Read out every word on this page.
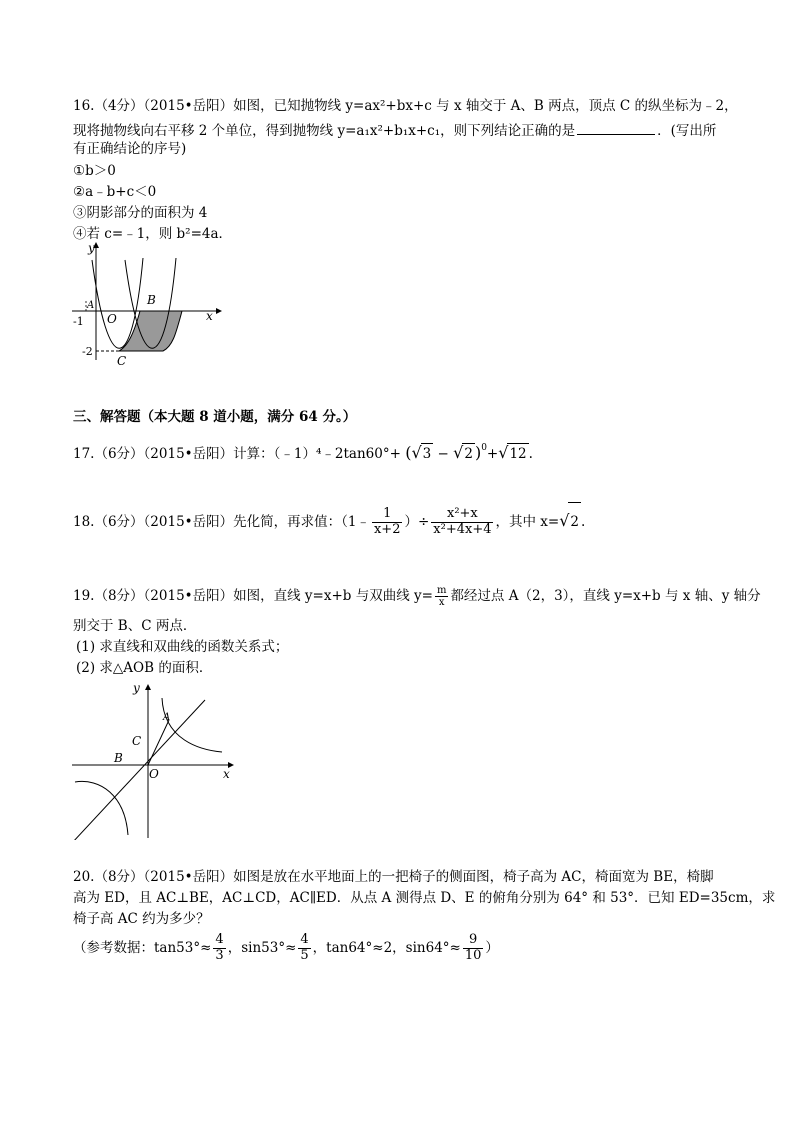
16.（4分）（2015•岳阳）如图，已知抛物线 y=ax²+bx+c 与 x 轴交于 A、B 两点，顶点 C 的纵坐标为﹣2，
现将抛物线向右平移 2 个单位，得到抛物线 y=a₁x²+b₁x+c₁，则下列结论正确的是	．(写出所
有正确结论的序号)
①b＞0
②a﹣b+c＜0
③阴影部分的面积为 4
④若 c=﹣1，则 b²=4a．
y
x
A
-1 O
B
-2
C
三、解答题（本大题 8 道小题，满分 64 分。）
17.（6分）（2015•岳阳）计算：（﹣1）⁴﹣2tan60°+ (√3 − √2 )$^0$+√12 .
18.（6分）（2015•岳阳）先化简，再求值：（1﹣ $\frac{1}{x+2}$ ）÷ $\frac{\text{x²+x}}{\text{x²+4x+4}}$ ，其中 x=√2 .
19.（8分）（2015•岳阳）如图，直线 y=x+b 与双曲线 $y= \frac{m}{x}$ 都经过点 A（2，3），直线 y=x+b 与 x 轴、y 轴分
别交于 B、C 两点．
(1) 求直线和双曲线的函数关系式；
(2) 求△AOB 的面积．
y
x
A
C
B
O
20.（8分）（2015•岳阳）如图是放在水平地面上的一把椅子的侧面图，椅子高为 AC，椅面宽为 BE，椅脚
高为 ED，且 AC⊥BE，AC⊥CD，AC∥ED．从点 A 测得点 D、E 的俯角分别为 64° 和 53°．已知 ED=35cm，求
椅子高 AC 约为多少？
（参考数据：$\tan 53^\circ\approx \frac{4}{3}$ ，$\sin 53^\circ\approx \frac{4}{5}$ ，tan64°≈2，$\sin 64^\circ\approx \frac{9}{10}$ ）
